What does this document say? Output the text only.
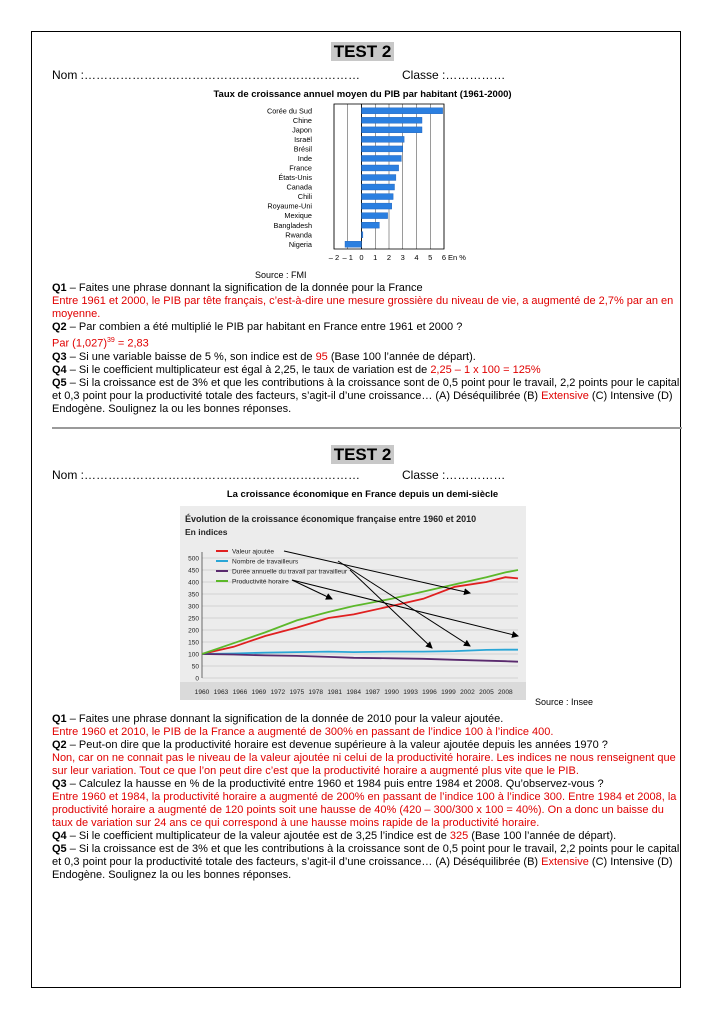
TEST 2
Nom :……………………………………………………………	Classe :……………
Taux de croissance annuel moyen du PIB par habitant (1961-2000)
Corée du Sud
Chine
Japon
Israël
Brésil
Inde
France
États-Unis
Canada
Chili
Royaume-Uni
Mexique
Bangladesh
Rwanda
Nigeria
– 2 – 1 0 1 2 3 4 5 6 En %
Source : FMI

Q1 – Faites une phrase donnant la signification de la donnée pour la France

Entre 1961 et 2000, le PIB par tête français, c’est-à-dire une mesure grossière du niveau de vie, a augmenté de 2,7% par an en moyenne.

Q2 – Par combien a été multiplié le PIB par habitant en France entre 1961 et 2000 ?

Par $(1,027)^{39} = 2,83$

Q3 – Si une variable baisse de 5 %, son indice est de 95 (Base 100 l’année de départ).

Q4 – Si le coefficient multiplicateur est égal à 2,25, le taux de variation est de 2,25 – 1 x 100 = 125%

Q5 – Si la croissance est de 3% et que les contributions à la croissance sont de 0,5 point pour le travail, 2,2 points pour le capital et 0,3 point pour la productivité totale des facteurs, s’agit-il d’une croissance… (A) Déséquilibrée (B) Extensive (C) Intensive (D) Endogène. Soulignez la ou les bonnes réponses.

TEST 2
Nom :……………………………………………………………	Classe :……………
La croissance économique en France depuis un demi-siècle
Évolution de la croissance économique française entre 1960 et 2010
En indices
500
450
400
350
300
250
200
150
100
50
0
1960 1963 1966 1969 1972 1975 1978 1981 1984 1987 1990 1993 1996 1999 2002 2005 2008
Valeur ajoutée
Nombre de travailleurs
Durée annuelle du travail par travailleur
Productivité horaire
Source : Insee

Q1 – Faites une phrase donnant la signification de la donnée de 2010 pour la valeur ajoutée.

Entre 1960 et 2010, le PIB de la France a augmenté de 300% en passant de l’indice 100 à l’indice 400.

Q2 – Peut-on dire que la productivité horaire est devenue supérieure à la valeur ajoutée depuis les années 1970 ?

Non, car on ne connait pas le niveau de la valeur ajoutée ni celui de la productivité horaire. Les indices ne nous renseignent que sur leur variation. Tout ce que l’on peut dire c’est que la productivité horaire a augmenté plus vite que le PIB.

Q3 – Calculez la hausse en % de la productivité entre 1960 et 1984 puis entre 1984 et 2008. Qu’observez-vous ?

Entre 1960 et 1984, la productivité horaire a augmenté de 200% en passant de l’indice 100 à l’indice 300. Entre 1984 et 2008, la productivité horaire a augmenté de 120 points soit une hausse de 40% (420 – 300/300 x 100 = 40%). On a donc un baisse du taux de variation sur 24 ans ce qui correspond à une hausse moins rapide de la productivité horaire.

Q4 – Si le coefficient multiplicateur de la valeur ajoutée est de 3,25 l’indice est de 325 (Base 100 l’année de départ).

Q5 – Si la croissance est de 3% et que les contributions à la croissance sont de 0,5 point pour le travail, 2,2 points pour le capital et 0,3 point pour la productivité totale des facteurs, s’agit-il d’une croissance… (A) Déséquilibrée (B) Extensive (C) Intensive (D) Endogène. Soulignez la ou les bonnes réponses.
